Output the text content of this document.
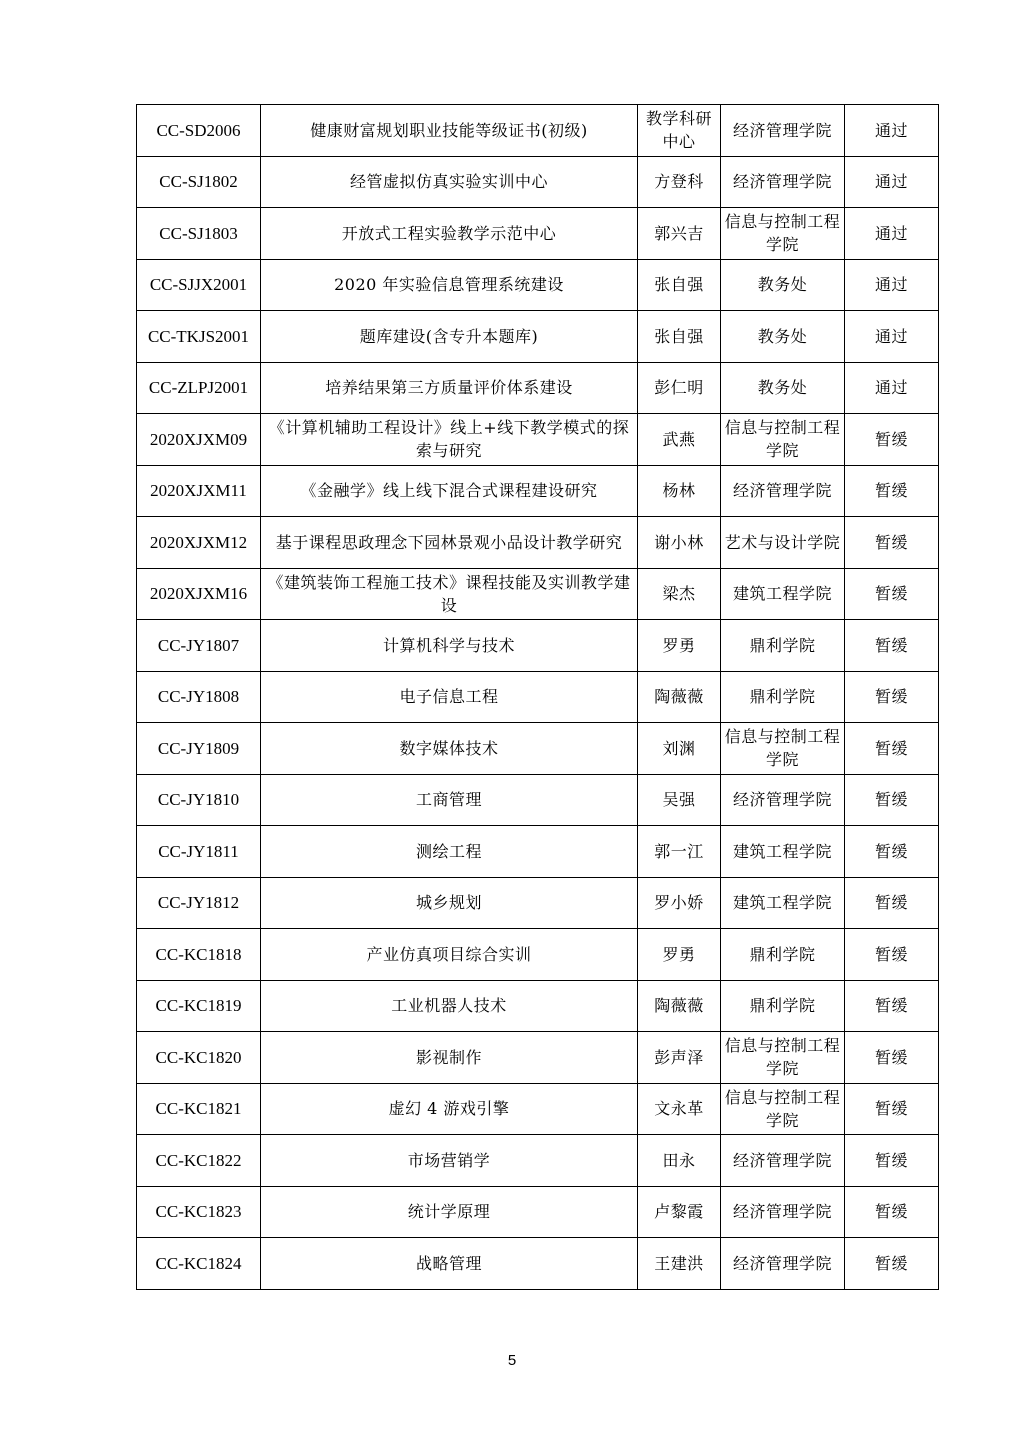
CC-SD2006	健康财富规划职业技能等级证书(初级)	教学科研中心	经济管理学院	通过
CC-SJ1802	经管虚拟仿真实验实训中心	方登科	经济管理学院	通过
CC-SJ1803	开放式工程实验教学示范中心	郭兴吉	信息与控制工程学院	通过
CC-SJJX2001	2020 年实验信息管理系统建设	张自强	教务处	通过
CC-TKJS2001	题库建设(含专升本题库)	张自强	教务处	通过
CC-ZLPJ2001	培养结果第三方质量评价体系建设	彭仁明	教务处	通过
2020XJXM09	《计算机辅助工程设计》线上+线下教学模式的探索与研究	武燕	信息与控制工程学院	暂缓
2020XJXM11	《金融学》线上线下混合式课程建设研究	杨林	经济管理学院	暂缓
2020XJXM12	基于课程思政理念下园林景观小品设计教学研究	谢小林	艺术与设计学院	暂缓
2020XJXM16	《建筑装饰工程施工技术》课程技能及实训教学建设	梁杰	建筑工程学院	暂缓
CC-JY1807	计算机科学与技术	罗勇	鼎利学院	暂缓
CC-JY1808	电子信息工程	陶薇薇	鼎利学院	暂缓
CC-JY1809	数字媒体技术	刘渊	信息与控制工程学院	暂缓
CC-JY1810	工商管理	吴强	经济管理学院	暂缓
CC-JY1811	测绘工程	郭一江	建筑工程学院	暂缓
CC-JY1812	城乡规划	罗小娇	建筑工程学院	暂缓
CC-KC1818	产业仿真项目综合实训	罗勇	鼎利学院	暂缓
CC-KC1819	工业机器人技术	陶薇薇	鼎利学院	暂缓
CC-KC1820	影视制作	彭声泽	信息与控制工程学院	暂缓
CC-KC1821	虚幻 4 游戏引擎	文永革	信息与控制工程学院	暂缓
CC-KC1822	市场营销学	田永	经济管理学院	暂缓
CC-KC1823	统计学原理	卢黎霞	经济管理学院	暂缓
CC-KC1824	战略管理	王建洪	经济管理学院	暂缓
5
